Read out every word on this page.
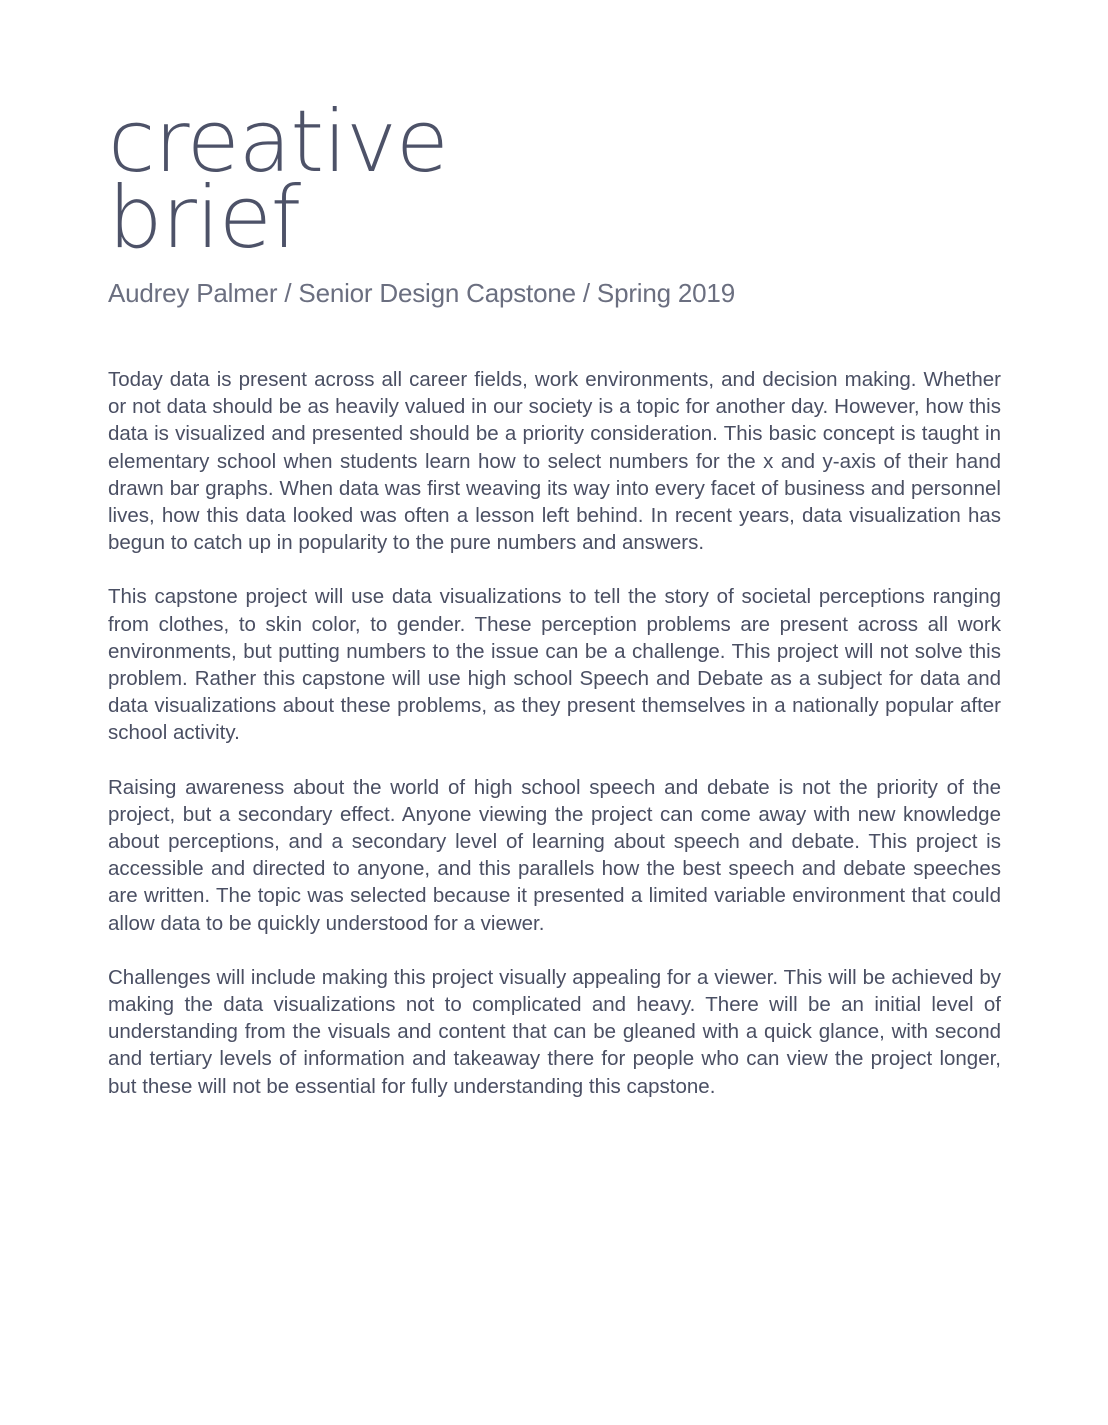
creative
brief
Audrey Palmer / Senior Design Capstone / Spring 2019

Today data is present across all career fields, work environments, and decision making. Whether or not data should be as heavily valued in our society is a topic for another day. However, how this data is visualized and presented should be a priority consideration. This basic concept is taught in elementary school when students learn how to select numbers for the x and y-axis of their hand drawn bar graphs. When data was first weaving its way into every facet of business and personnel lives, how this data looked was often a lesson left behind. In recent years, data visualization has begun to catch up in popularity to the pure numbers and answers.

This capstone project will use data visualizations to tell the story of societal perceptions ranging from clothes, to skin color, to gender. These perception problems are present across all work environments, but putting numbers to the issue can be a challenge. This project will not solve this problem. Rather this capstone will use high school Speech and Debate as a subject for data and data visualizations about these problems, as they present themselves in a nationally popular after school activity.

Raising awareness about the world of high school speech and debate is not the priority of the project, but a secondary effect. Anyone viewing the project can come away with new knowledge about perceptions, and a secondary level of learning about speech and debate. This project is accessible and directed to anyone, and this parallels how the best speech and debate speeches are written. The topic was selected because it presented a limited variable environment that could allow data to be quickly understood for a viewer.

Challenges will include making this project visually appealing for a viewer. This will be achieved by making the data visualizations not to complicated and heavy. There will be an initial level of understanding from the visuals and content that can be gleaned with a quick glance, with second and tertiary levels of information and takeaway there for people who can view the project longer, but these will not be essential for fully understanding this capstone.
